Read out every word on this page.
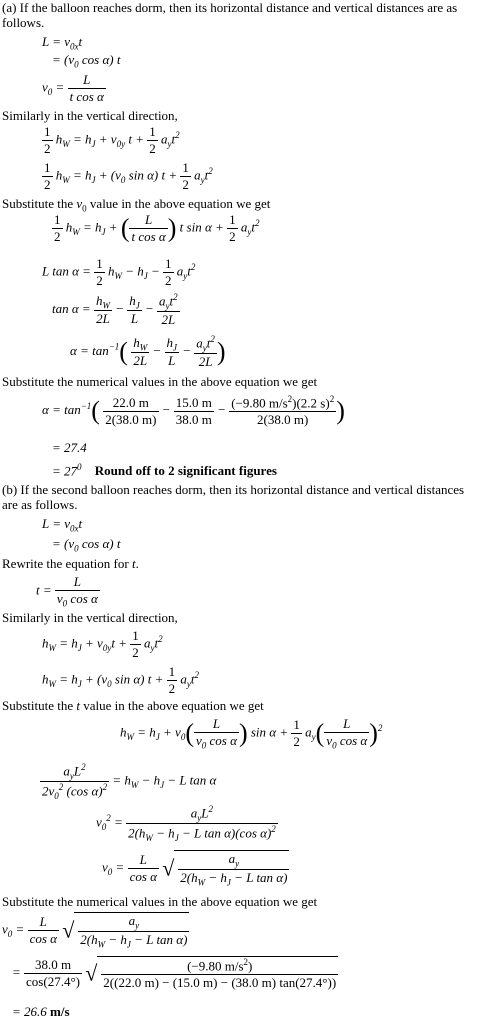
(a) If the balloon reaches dorm, then its horizontal distance and vertical distances are as follows.
$L = v_{0x}t$
= ($v_0$ cos α) t
$v_0 = \frac{L}{\text{t cos α}}$
Similarly in the vertical direction,
$\frac{1}{2} h_W = h_J + v_{0y}$ $t + \frac{1}{2} a_yt^2$
$\frac{1}{2} h_W = h_J + (v_0$ sin α) $t + \frac{1}{2} a_yt^2$
Substitute the $v_0$ value in the above equation we get
$\frac{1}{2} h_W = h_J$ + ( $\frac{L}{\text{t cos α}}$ ) t $\sin \alpha + \frac{1}{2} a_yt^2$
L $\tan \alpha = \frac{1}{2} h_W - h_J - \frac{1}{2} a_yt^2$
$\tan \alpha = \frac{h_W}{2L} - \frac{h_J}{L} - \frac{a_yt^2}{2L}$
$\alpha = \tan^{-1}( \frac{h_W}{2L} - \frac{h_J}{L} - \frac{a_yt^2}{2L}$ )
Substitute the numerical values in the above equation we get
$\alpha = \tan^{-1}( \frac{22.0 m}{2(38.0 m)} - \frac{15.0 m}{38.0 m} - \frac{(-9.80 m/s^2)(2.2 s)^2}{2(38.0 m)}$ )
= 27.4
= $27^0$ Round off to 2 significant figures
(b) If the second balloon reaches dorm, then its horizontal distance and vertical distances are as follows.
$L = v_{0x}t$
= ($v_0$ cos α) t
Rewrite the equation for t.
$t = \frac{L}{v_0 \cos \alpha}$
Similarly in the vertical direction,
$h_W = h_J + v_{0y}t + \frac{1}{2} a_yt^2$
$h_W = h_J + (v_0$ sin α) $t + \frac{1}{2} a_yt^2$
Substitute the t value in the above equation we get
$h_W = h_J + v_0( \frac{L}{v_0 \cos \alpha}$ ) $\sin \alpha + \frac{1}{2} a_y( \frac{L}{v_0 \cos \alpha} )^2$
$\frac{a_yL^2}{2v_0^2 (\cos \alpha)^2} = h_W - h_J - L$ tan α
$v_0^2 = \frac{a_yL^2}{2(h_W - h_J - L \tan \alpha)(\cos \alpha)^2}$
$v_0 = \frac{L}{\text{cos α}}$ √ $\frac{a_y}{2(h_W - h_J - L \tan \alpha)}$
Substitute the numerical values in the above equation we get
$v_0 = \frac{L}{\text{cos α}}$ √ $\frac{a_y}{2(h_W - h_J - L \tan \alpha)}$
= $\frac{38.0 m}{\cos(27.4^\circ)}$ √ $\frac{(-9.80 m/s^2)}{2((22.0 m) - (15.0 m) - (38.0 m) \tan(27.4^\circ))}$
= 26.6 m/s
